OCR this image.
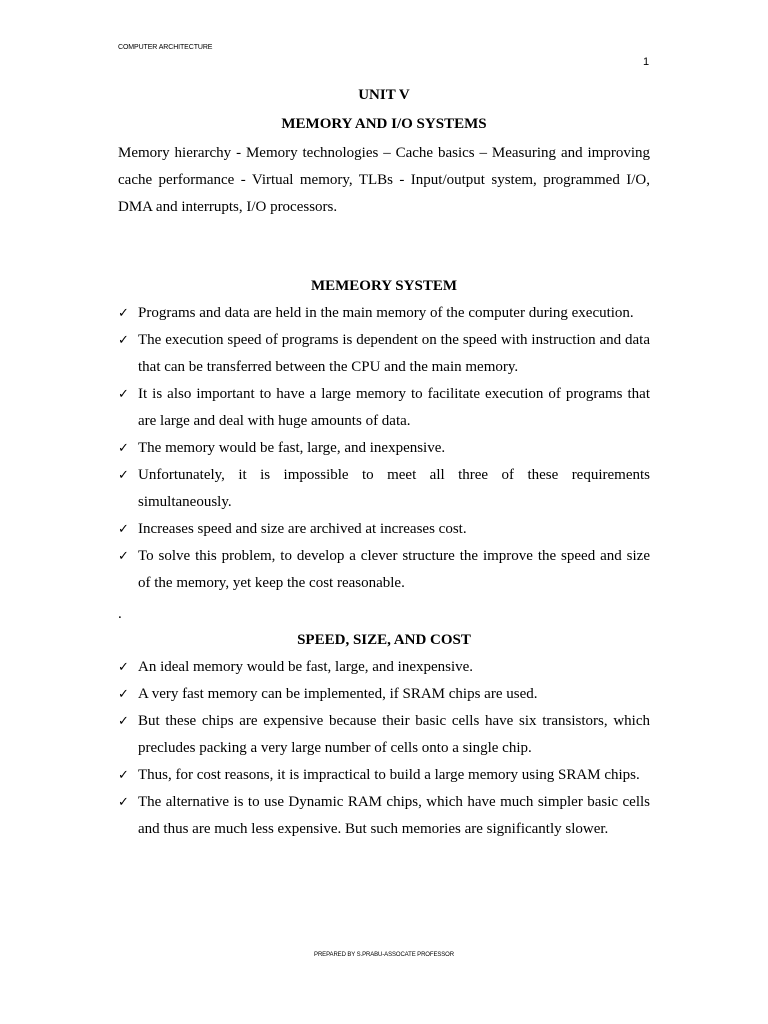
COMPUTER ARCHITECTURE
1
UNIT V
MEMORY AND I/O SYSTEMS
Memory hierarchy - Memory technologies – Cache basics – Measuring and improving cache performance - Virtual memory, TLBs - Input/output system, programmed I/O, DMA and interrupts, I/O processors.
MEMEORY SYSTEM
✓ Programs and data are held in the main memory of the computer during execution.
✓ The execution speed of programs is dependent on the speed with instruction and data that can be transferred between the CPU and the main memory.
✓ It is also important to have a large memory to facilitate execution of programs that are large and deal with huge amounts of data.
✓ The memory would be fast, large, and inexpensive.
✓ Unfortunately, it is impossible to meet all three of these requirements simultaneously.
✓ Increases speed and size are archived at increases cost.
✓ To solve this problem, to develop a clever structure the improve the speed and size of the memory, yet keep the cost reasonable.
.
SPEED, SIZE, AND COST
✓ An ideal memory would be fast, large, and inexpensive.
✓ A very fast memory can be implemented, if SRAM chips are used.
✓ But these chips are expensive because their basic cells have six transistors, which precludes packing a very large number of cells onto a single chip.
✓ Thus, for cost reasons, it is impractical to build a large memory using SRAM chips.
✓ The alternative is to use Dynamic RAM chips, which have much simpler basic cells and thus are much less expensive. But such memories are significantly slower.
PREPARED BY S.PRABU-ASSOCATE PROFESSOR
